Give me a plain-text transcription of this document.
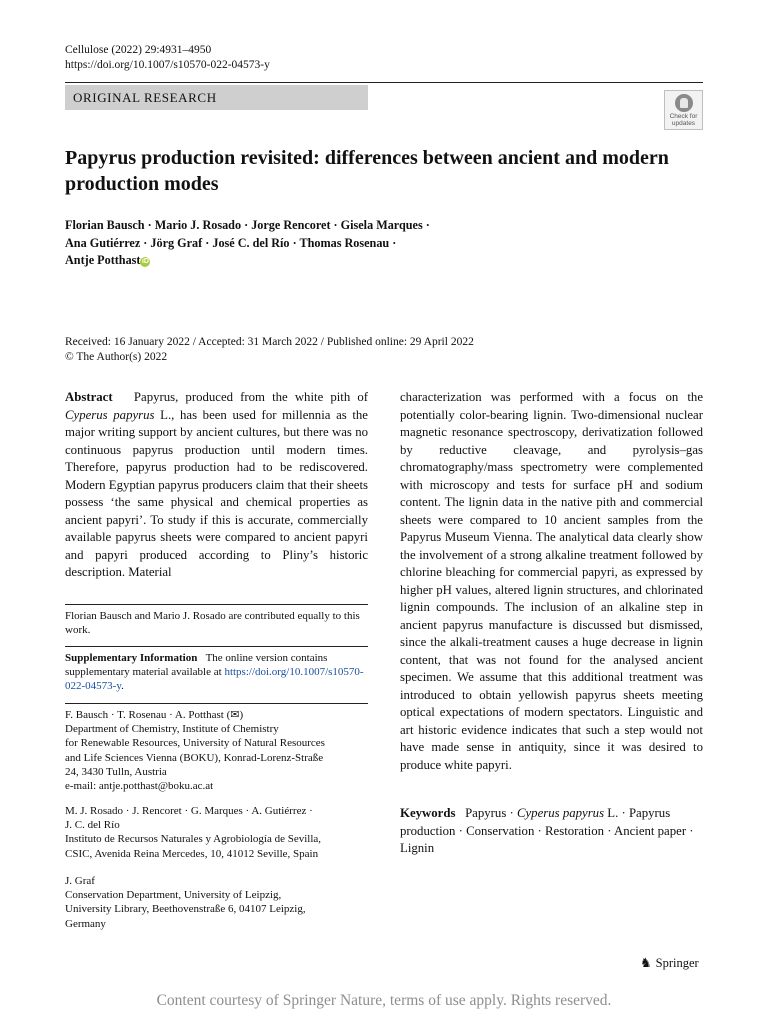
Cellulose (2022) 29:4931–4950
https://doi.org/10.1007/s10570-022-04573-y
ORIGINAL RESEARCH
Check for updates
Papyrus production revisited: differences between ancient and modern production modes
Florian Bausch · Mario J. Rosado · Jorge Rencoret · Gisela Marques ·
Ana Gutiérrez · Jörg Graf · José C. del Río · Thomas Rosenau ·
Antje Potthast iD
Received: 16 January 2022 / Accepted: 31 March 2022 / Published online: 29 April 2022
© The Author(s) 2022
Abstract Papyrus, produced from the white pith of Cyperus papyrus L., has been used for millennia as the major writing support by ancient cultures, but there was no continuous papyrus production until modern times. Therefore, papyrus production had to be rediscovered. Modern Egyptian papyrus producers claim that their sheets possess ‘the same physical and chemical properties as ancient papyri’. To study if this is accurate, commercially available papyrus sheets were compared to ancient papyri and papyri produced according to Pliny’s historic description. Material
characterization was performed with a focus on the potentially color-bearing lignin. Two-dimensional nuclear magnetic resonance spectroscopy, derivatization followed by reductive cleavage, and pyrolysis–gas chromatography/mass spectrometry were complemented with microscopy and tests for surface pH and sodium content. The lignin data in the native pith and commercial sheets were compared to 10 ancient samples from the Papyrus Museum Vienna. The analytical data clearly show the involvement of a strong alkaline treatment followed by chlorine bleaching for commercial papyri, as expressed by higher pH values, altered lignin structures, and chlorinated lignin compounds. The inclusion of an alkaline step in ancient papyrus manufacture is discussed but dismissed, since the alkali-treatment causes a huge decrease in lignin content, that was not found for the analysed ancient specimen. We assume that this additional treatment was introduced to obtain yellowish papyrus sheets meeting optical expectations of modern spectators. Linguistic and art historic evidence indicates that such a step would not have made sense in antiquity, since it was desired to produce white papyri.
Keywords Papyrus · Cyperus papyrus L. · Papyrus production · Conservation · Restoration · Ancient paper · Lignin
Florian Bausch and Mario J. Rosado are contributed equally to this work.
Supplementary Information The online version contains supplementary material available at https://doi.org/10.1007/s10570-022-04573-y.
F. Bausch · T. Rosenau · A. Potthast (✉)
Department of Chemistry, Institute of Chemistry
for Renewable Resources, University of Natural Resources
and Life Sciences Vienna (BOKU), Konrad-Lorenz-Straße
24, 3430 Tulln, Austria
e-mail: antje.potthast@boku.ac.at
M. J. Rosado · J. Rencoret · G. Marques · A. Gutiérrez ·
J. C. del Río
Instituto de Recursos Naturales y Agrobiología de Sevilla,
CSIC, Avenida Reina Mercedes, 10, 41012 Seville, Spain
J. Graf
Conservation Department, University of Leipzig,
University Library, Beethovenstraße 6, 04107 Leipzig,
Germany
♞ Springer
Content courtesy of Springer Nature, terms of use apply. Rights reserved.
